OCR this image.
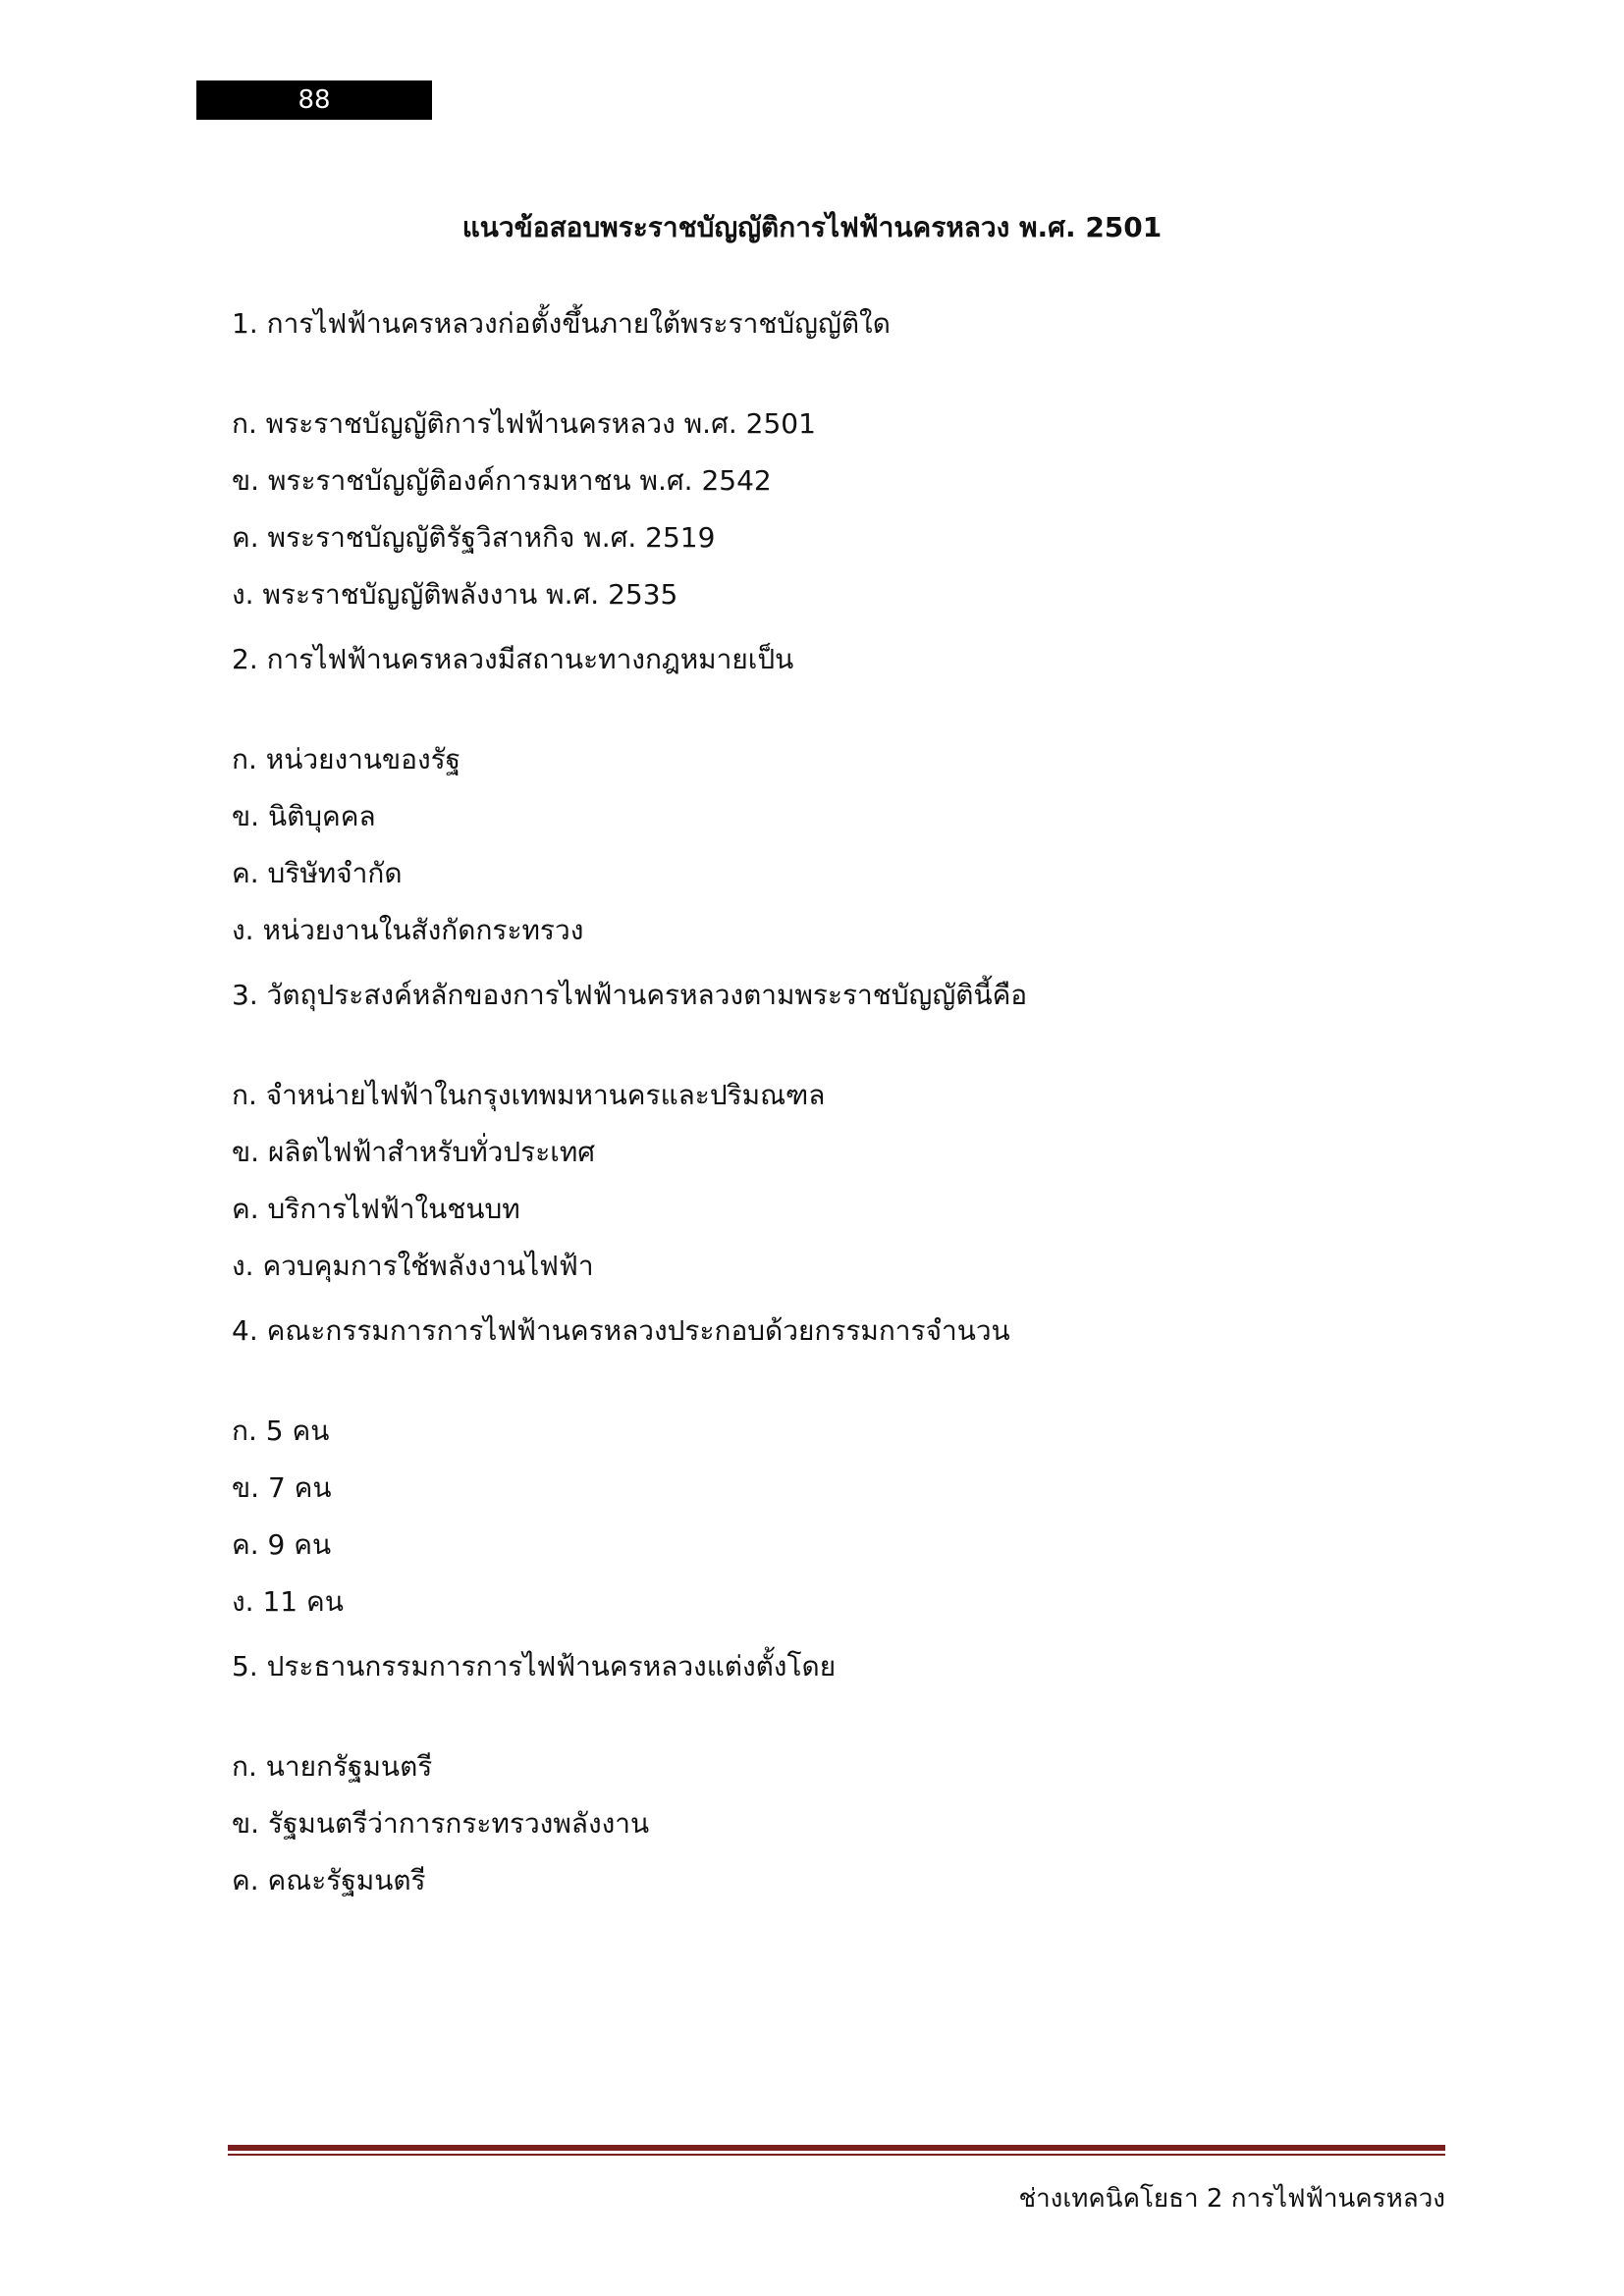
88
แนวข้อสอบพระราชบัญญัติการไฟฟ้านครหลวง พ.ศ. 2501
1. การไฟฟ้านครหลวงก่อตั้งขึ้นภายใต้พระราชบัญญัติใด
ก. พระราชบัญญัติการไฟฟ้านครหลวง พ.ศ. 2501
ข. พระราชบัญญัติองค์การมหาชน พ.ศ. 2542
ค. พระราชบัญญัติรัฐวิสาหกิจ พ.ศ. 2519
ง. พระราชบัญญัติพลังงาน พ.ศ. 2535
2. การไฟฟ้านครหลวงมีสถานะทางกฎหมายเป็น
ก. หน่วยงานของรัฐ
ข. นิติบุคคล
ค. บริษัทจำกัด
ง. หน่วยงานในสังกัดกระทรวง
3. วัตถุประสงค์หลักของการไฟฟ้านครหลวงตามพระราชบัญญัตินี้คือ
ก. จำหน่ายไฟฟ้าในกรุงเทพมหานครและปริมณฑล
ข. ผลิตไฟฟ้าสำหรับทั่วประเทศ
ค. บริการไฟฟ้าในชนบท
ง. ควบคุมการใช้พลังงานไฟฟ้า
4. คณะกรรมการการไฟฟ้านครหลวงประกอบด้วยกรรมการจำนวน
ก. 5 คน
ข. 7 คน
ค. 9 คน
ง. 11 คน
5. ประธานกรรมการการไฟฟ้านครหลวงแต่งตั้งโดย
ก. นายกรัฐมนตรี
ข. รัฐมนตรีว่าการกระทรวงพลังงาน
ค. คณะรัฐมนตรี
ช่างเทคนิคโยธา 2 การไฟฟ้านครหลวง
